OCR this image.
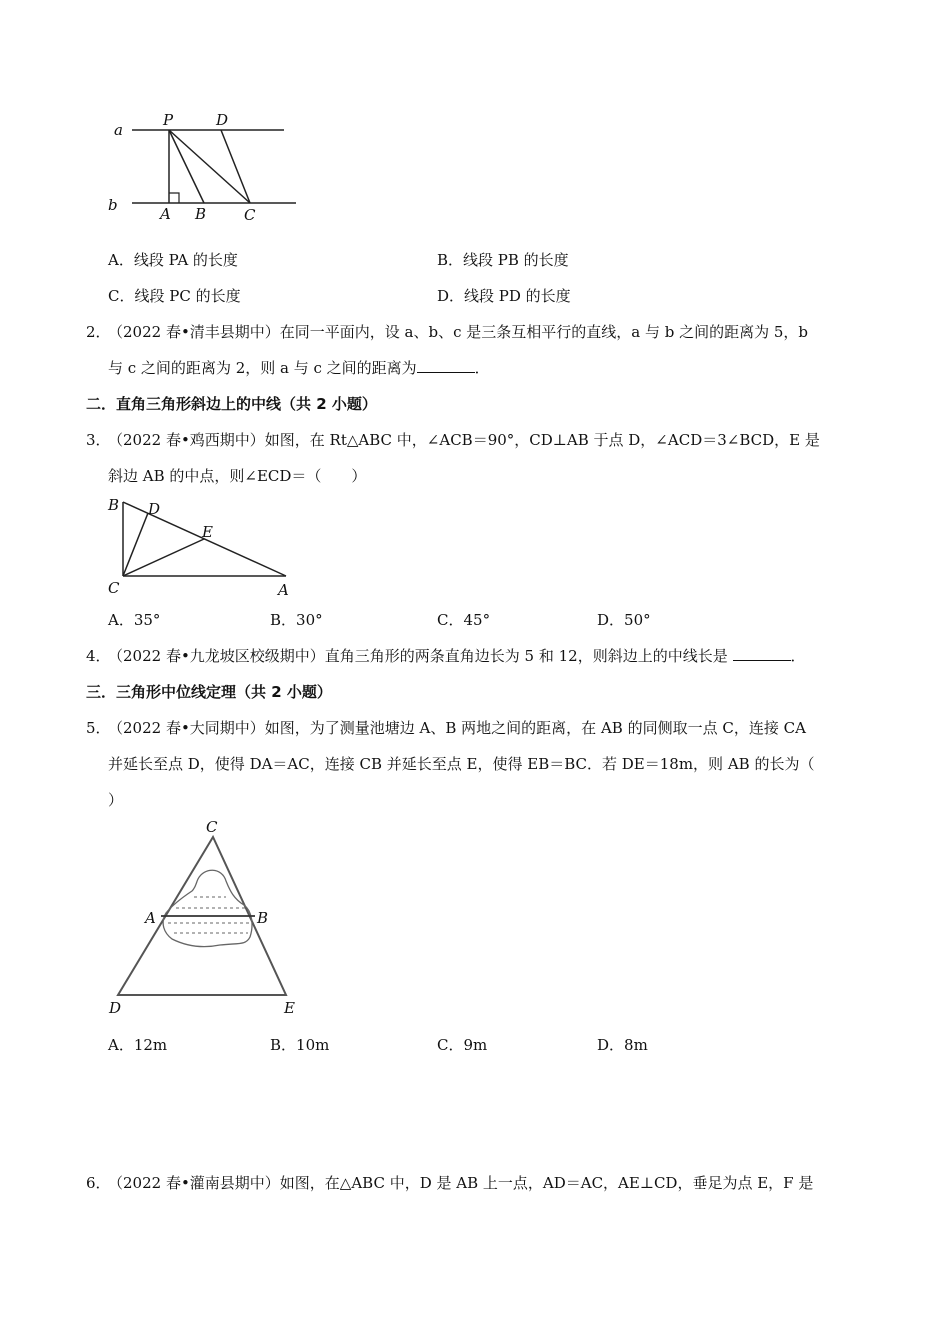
a
b
P	D
A B	C
A．线段 PA 的长度	B．线段 PB 的长度
C．线段 PC 的长度	D．线段 PD 的长度
2．
（2022 春•清丰县期中）在同一平面内，设 a、b、c 是三条互相平行的直线，a 与 b 之间的距离为 5，b
与 c 之间的距离为 2，则 a 与 c 之间的距离为	．
二．直角三角形斜边上的中线（共 2 小题）
3．
（2022 春•鸡西期中）如图，在 Rt△ABC 中，∠ACB＝90°，CD⊥AB 于点 D，∠ACD＝3∠BCD，E 是
斜边 AB 的中点，则∠ECD＝（　　）
B D
E
C	A
A．35°	B．30°	C．45°	D．50°
4．
（2022 春•九龙坡区校级期中）直角三角形的两条直角边长为 5 和 12，则斜边上的中线长是	．
三．三角形中位线定理（共 2 小题）
5．
（2022 春•大同期中）如图，为了测量池塘边 A、B 两地之间的距离，在 AB 的同侧取一点 C，连接 CA
并延长至点 D，使得 DA＝AC，连接 CB 并延长至点 E，使得 EB＝BC．若 DE＝18m，则 AB 的长为（
）
C
A	B
D	E
A．12m	B．10m	C．9m	D．8m
6．
（2022 春•灌南县期中）如图，在△ABC 中，D 是 AB 上一点，AD＝AC，AE⊥CD，垂足为点 E，F 是
